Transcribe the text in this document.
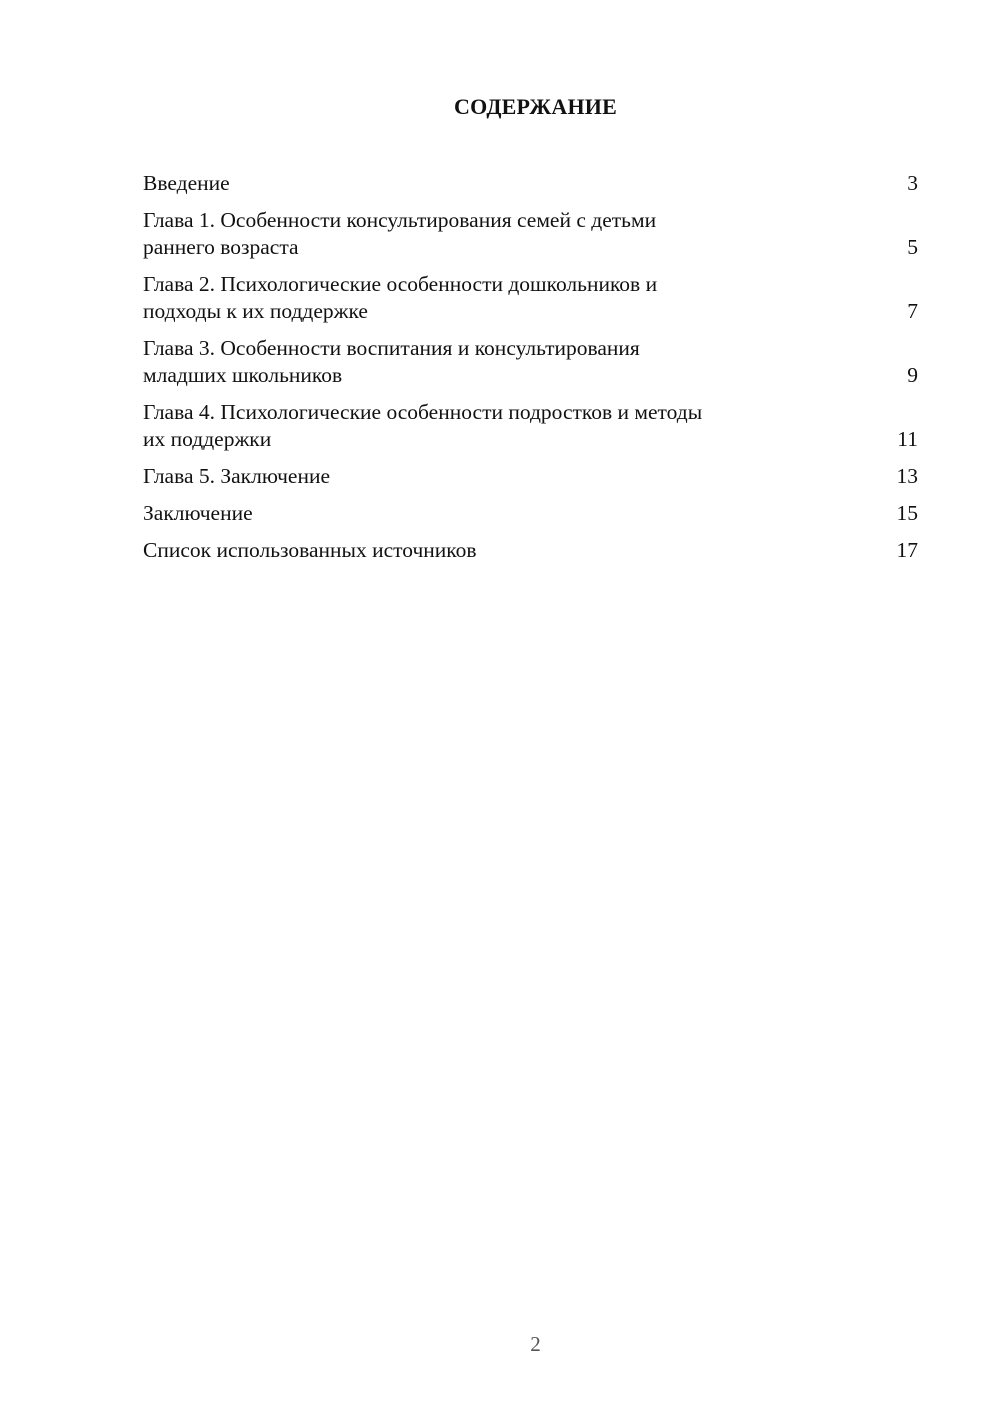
СОДЕРЖАНИЕ
Введение	3
Глава 1. Особенности консультирования семей с детьми
раннего возраста	5
Глава 2. Психологические особенности дошкольников и
подходы к их поддержке	7
Глава 3. Особенности воспитания и консультирования
младших школьников	9
Глава 4. Психологические особенности подростков и методы
их поддержки	11
Глава 5. Заключение	13
Заключение	15
Список использованных источников	17
2
